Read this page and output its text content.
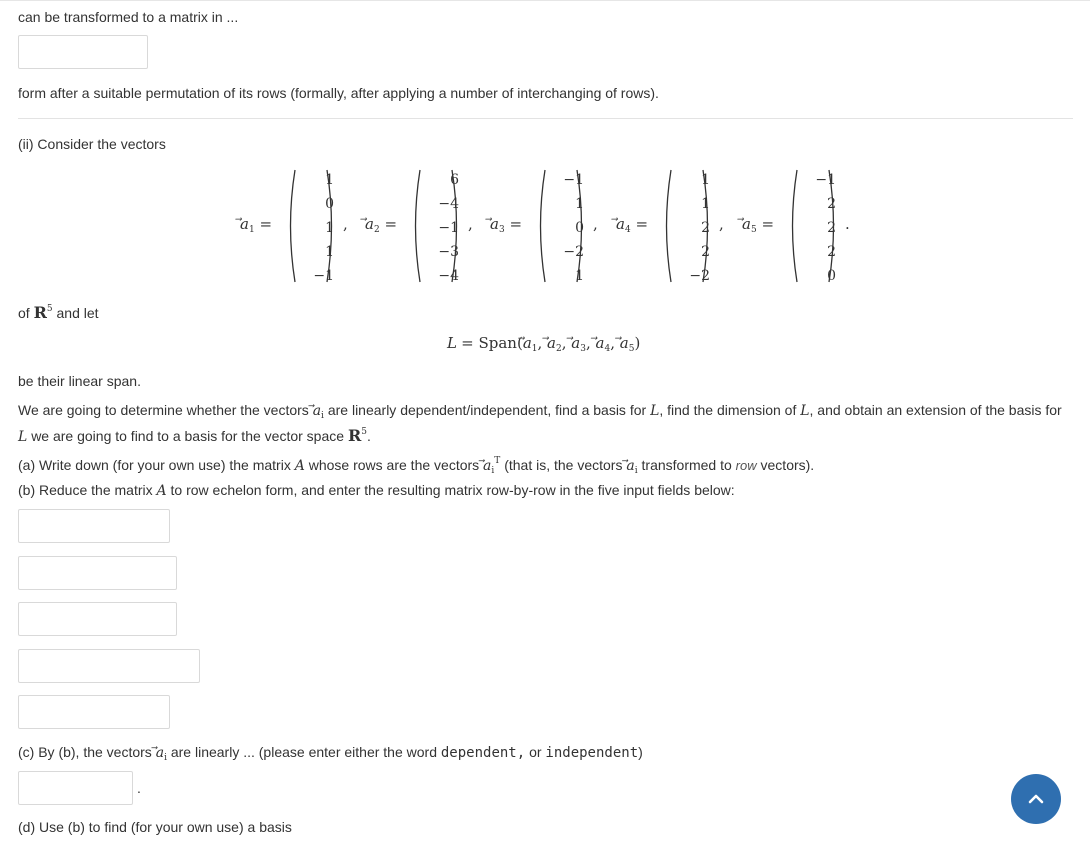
can be transformed to a matrix in ...
form after a suitable permutation of its rows (formally, after applying a number of interchanging of rows).
(ii) Consider the vectors
⃗ $a_1$ =
1
0
1
1
−1
, ⃗ $a_2$ =
6
−4
−1
−3
−4
, ⃗ $a_3$ =
−1
1
0
−2
1
, ⃗ $a_4$ =
1
1
2
2
−2
, ⃗ $a_5$ =
−1
2
2
2
0
.
of $R^5$ and let
L = Span(⃗ $a_1$, ⃗ $a_2$, ⃗ $a_3$, ⃗ $a_4$, ⃗ $a_5$)
be their linear span.
We are going to determine whether the vectors ⃗ $a_i$ are linearly dependent/independent, find a basis for L, find the dimension of L, and obtain an extension of the basis for
L we are going to find to a basis for the vector space $R^5$.
(a) Write down (for your own use) the matrix A whose rows are the vectors ⃗ $a_i^T$ (that is, the vectors ⃗ $a_i$ transformed to row vectors).
(b) Reduce the matrix A to row echelon form, and enter the resulting matrix row-by-row in the five input fields below:
(c) By (b), the vectors ⃗ $a_i$ are linearly ... (please enter either the word dependent, or independent)
.
(d) Use (b) to find (for your own use) a basis
